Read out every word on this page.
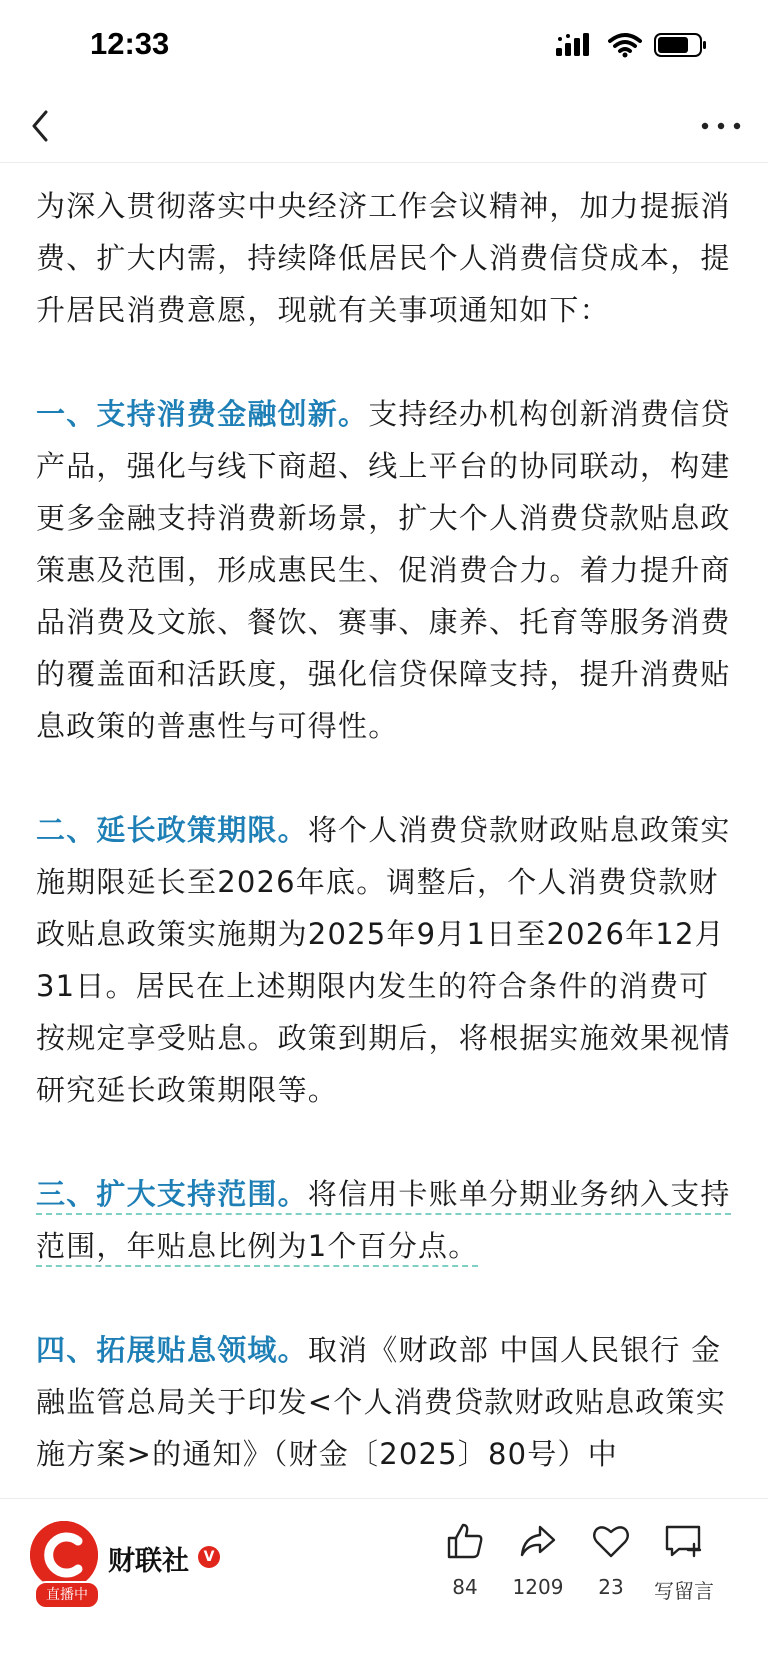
12:33

为深入贯彻落实中央经济工作会议精神，加力提振消费、扩大内需，持续降低居民个人消费信贷成本，提升居民消费意愿，现就有关事项通知如下：

一、支持消费金融创新。支持经办机构创新消费信贷产品，强化与线下商超、线上平台的协同联动，构建更多金融支持消费新场景，扩大个人消费贷款贴息政策惠及范围，形成惠民生、促消费合力。着力提升商品消费及文旅、餐饮、赛事、康养、托育等服务消费的覆盖面和活跃度，强化信贷保障支持，提升消费贴息政策的普惠性与可得性。

二、延长政策期限。将个人消费贷款财政贴息政策实施期限延长至2026年底。调整后，个人消费贷款财政贴息政策实施期为2025年9月1日至2026年12月31日。居民在上述期限内发生的符合条件的消费可按规定享受贴息。政策到期后，将根据实施效果视情研究延长政策期限等。

三、扩大支持范围。将信用卡账单分期业务纳入支持范围，年贴息比例为1个百分点。

四、拓展贴息领域。取消《财政部 中国人民银行 金融监管总局关于印发<个人消费贷款财政贴息政策实施方案>的通知》（财金〔2025〕80号）中

直播中
财联社	V
84	1209	23	写留言
